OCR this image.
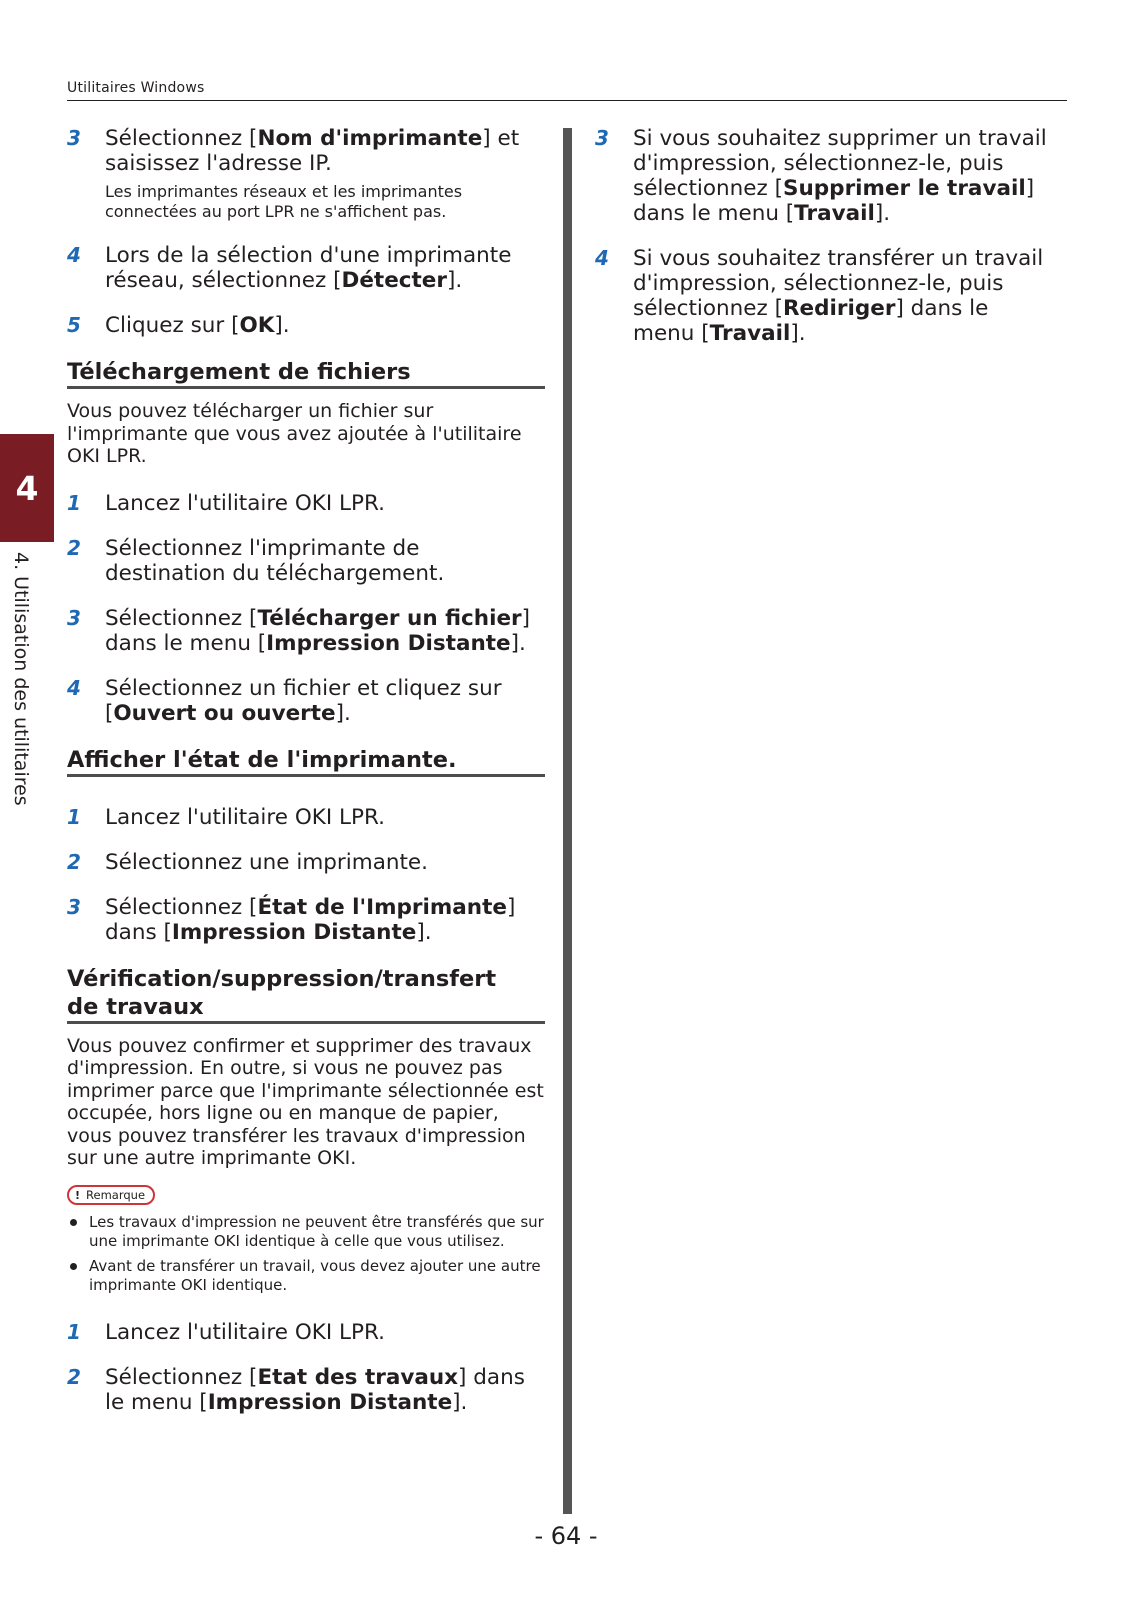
Utilitaires Windows
4
4. Utilisation des utilitaires
3 Sélectionnez [Nom d'imprimante] et saisissez l'adresse IP.
Les imprimantes réseaux et les imprimantes connectées au port LPR ne s'affichent pas.
4 Lors de la sélection d'une imprimante réseau, sélectionnez [Détecter].
5 Cliquez sur [OK].
Téléchargement de fichiers
Vous pouvez télécharger un fichier sur l'imprimante que vous avez ajoutée à l'utilitaire OKI LPR.
1 Lancez l'utilitaire OKI LPR.
2 Sélectionnez l'imprimante de destination du téléchargement.
3 Sélectionnez [Télécharger un fichier] dans le menu [Impression Distante].
4 Sélectionnez un fichier et cliquez sur [Ouvert ou ouverte].
Afficher l'état de l'imprimante.
1 Lancez l'utilitaire OKI LPR.
2 Sélectionnez une imprimante.
3 Sélectionnez [État de l'Imprimante] dans [Impression Distante].
Vérification/suppression/transfert
de travaux
Vous pouvez confirmer et supprimer des travaux d'impression. En outre, si vous ne pouvez pas imprimer parce que l'imprimante sélectionnée est occupée, hors ligne ou en manque de papier, vous pouvez transférer les travaux d'impression sur une autre imprimante OKI.
! Remarque
Les travaux d'impression ne peuvent être transférés que sur une imprimante OKI identique à celle que vous utilisez.
Avant de transférer un travail, vous devez ajouter une autre imprimante OKI identique.
1 Lancez l'utilitaire OKI LPR.
2 Sélectionnez [Etat des travaux] dans le menu [Impression Distante].
3 Si vous souhaitez supprimer un travail d'impression, sélectionnez-le, puis sélectionnez [Supprimer le travail] dans le menu [Travail].
4 Si vous souhaitez transférer un travail d'impression, sélectionnez-le, puis sélectionnez [Rediriger] dans le menu [Travail].
- 64 -
